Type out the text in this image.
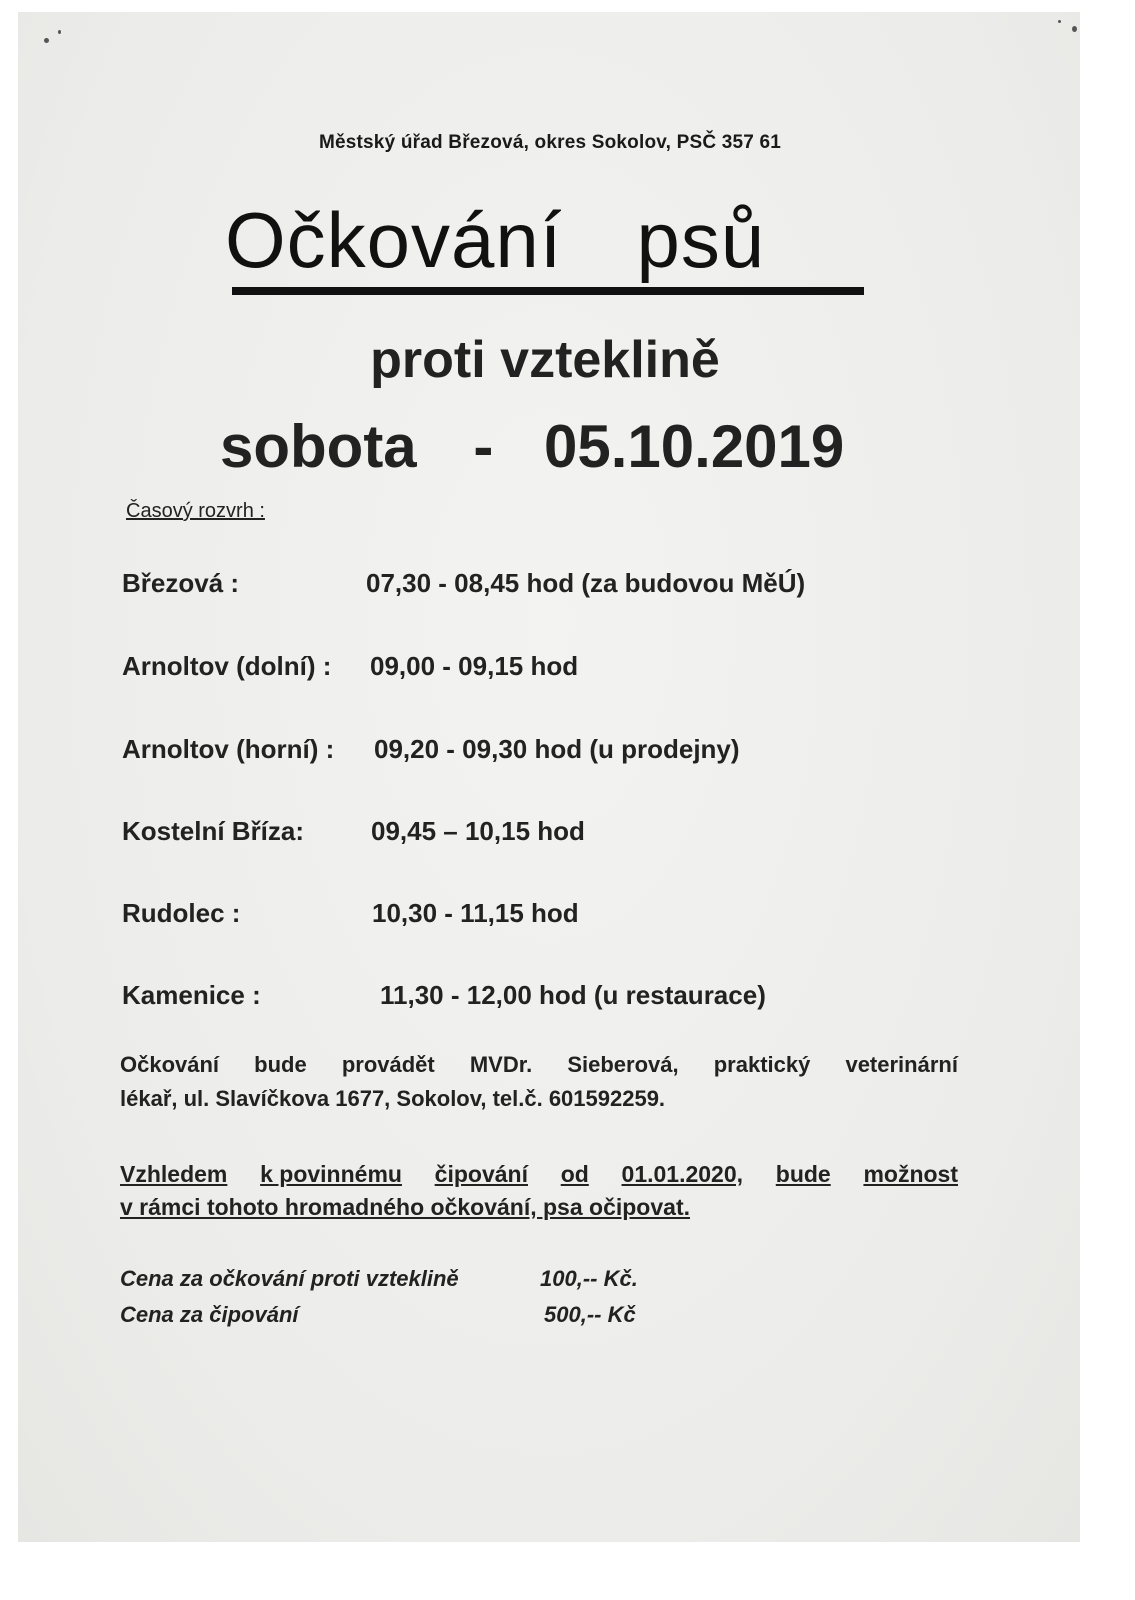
Městský úřad Březová, okres Sokolov, PSČ 357 61
Očkování psů
proti vzteklině
sobota - 05.10.2019
Časový rozvrh :
Březová :	07,30 - 08,45 hod (za budovou MěÚ)
Arnoltov (dolní) : 09,00 - 09,15 hod
Arnoltov (horní) : 09,20 - 09,30 hod (u prodejny)
Kostelní Bříza:	09,45 – 10,15 hod
Rudolec :	10,30 - 11,15 hod
Kamenice :	11,30 - 12,00 hod (u restaurace)
Očkování bude provádět MVDr. Sieberová, praktický veterinární
lékař, ul. Slavíčkova 1677, Sokolov, tel.č. 601592259.
Vzhledem k povinnému čipování od 01.01.2020, bude možnost
v rámci tohoto hromadného očkování, psa očipovat.
Cena za očkování proti vzteklině	100,-- Kč.
Cena za čipování	500,-- Kč
